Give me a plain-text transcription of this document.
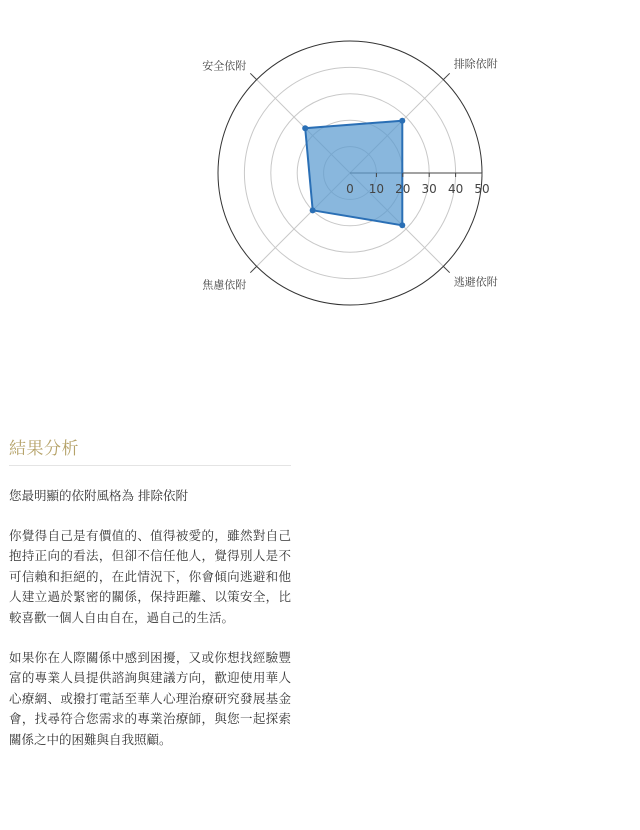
0 10 20 30 40 50
排除依附
逃避依附
焦慮依附
安全依附
結果分析

您最明顯的依附風格為 排除依附

你覺得自己是有價值的、值得被愛的，雖然對自己抱持正向的看法，但卻不信任他人，覺得別人是不可信賴和拒絕的，在此情況下，你會傾向逃避和他人建立過於緊密的關係，保持距離、以策安全，比較喜歡一個人自由自在，過自己的生活。

如果你在人際關係中感到困擾，又或你想找經驗豐富的專業人員提供諮詢與建議方向，歡迎使用華人心療網、或撥打電話至華人心理治療研究發展基金會，找尋符合您需求的專業治療師，與您一起探索關係之中的困難與自我照顧。
